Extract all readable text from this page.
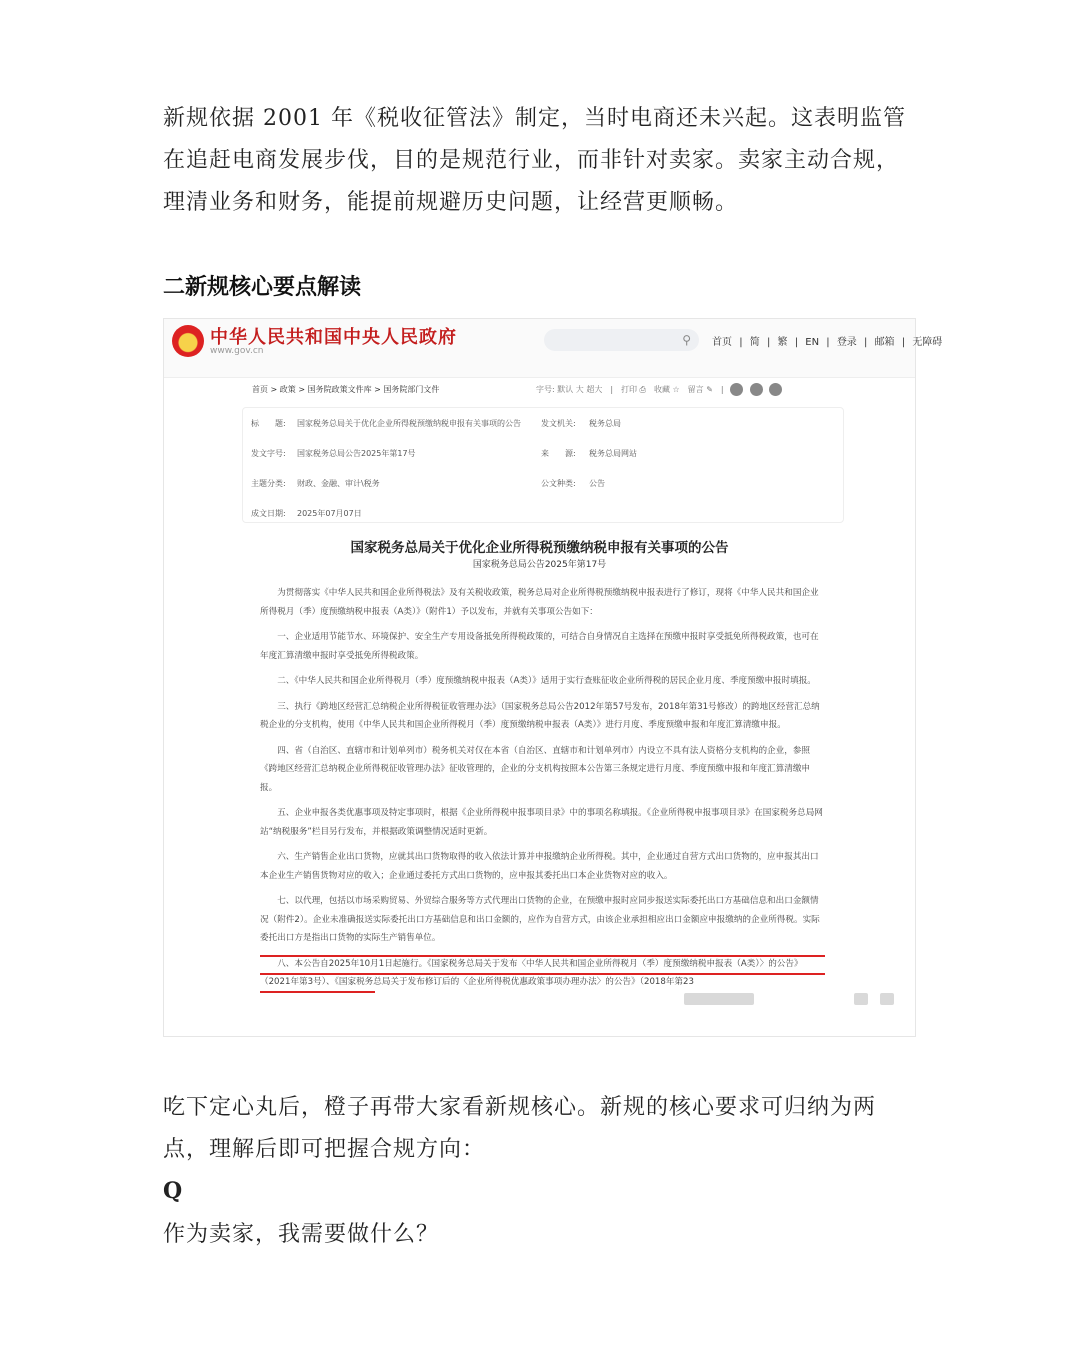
新规依据 2001 年《税收征管法》制定，当时电商还未兴起。这表明监管在追赶电商发展步伐，目的是规范行业，而非针对卖家。卖家主动合规，理清业务和财务，能提前规避历史问题，让经营更顺畅。

二新规核心要点解读

中华人民共和国中央人民政府
www.gov.cn
⚲ 首页 | 简 | 繁 | EN | 登录 | 邮箱 | 无障碍
首页 > 政策 > 国务院政策文件库 > 国务院部门文件	字号: 默认 大 超大　|　打印 ⎙　收藏 ☆　留言 ✎　|
标　　题: 国家税务总局关于优化企业所得税预缴纳税申报有关事项的公告	发文机关: 税务总局
发文字号: 国家税务总局公告2025年第17号	来　　源: 税务总局网站
主题分类: 财政、金融、审计\税务	公文种类: 公告
成文日期: 2025年07月07日
国家税务总局关于优化企业所得税预缴纳税申报有关事项的公告
国家税务总局公告2025年第17号

为贯彻落实《中华人民共和国企业所得税法》及有关税收政策，税务总局对企业所得税预缴纳税申报表进行了修订，现将《中华人民共和国企业所得税月（季）度预缴纳税申报表（A类）》（附件1）予以发布，并就有关事项公告如下：

一、企业适用节能节水、环境保护、安全生产专用设备抵免所得税政策的，可结合自身情况自主选择在预缴申报时享受抵免所得税政策，也可在年度汇算清缴申报时享受抵免所得税政策。

二、《中华人民共和国企业所得税月（季）度预缴纳税申报表（A类）》适用于实行查账征收企业所得税的居民企业月度、季度预缴申报时填报。

三、执行《跨地区经营汇总纳税企业所得税征收管理办法》（国家税务总局公告2012年第57号发布，2018年第31号修改）的跨地区经营汇总纳税企业的分支机构，使用《中华人民共和国企业所得税月（季）度预缴纳税申报表（A类）》进行月度、季度预缴申报和年度汇算清缴申报。

四、省（自治区、直辖市和计划单列市）税务机关对仅在本省（自治区、直辖市和计划单列市）内设立不具有法人资格分支机构的企业，参照《跨地区经营汇总纳税企业所得税征收管理办法》征收管理的，企业的分支机构按照本公告第三条规定进行月度、季度预缴申报和年度汇算清缴申报。

五、企业申报各类优惠事项及特定事项时，根据《企业所得税申报事项目录》中的事项名称填报。《企业所得税申报事项目录》在国家税务总局网站“纳税服务”栏目另行发布，并根据政策调整情况适时更新。

六、生产销售企业出口货物，应就其出口货物取得的收入依法计算并申报缴纳企业所得税。其中，企业通过自营方式出口货物的，应申报其出口本企业生产销售货物对应的收入；企业通过委托方式出口货物的，应申报其委托出口本企业货物对应的收入。

七、以代理，包括以市场采购贸易、外贸综合服务等方式代理出口货物的企业，在预缴申报时应同步报送实际委托出口方基础信息和出口金额情况（附件2）。企业未准确报送实际委托出口方基础信息和出口金额的，应作为自营方式，由该企业承担相应出口金额应申报缴纳的企业所得税。实际委托出口方是指出口货物的实际生产销售单位。

八、本公告自2025年10月1日起施行。《国家税务总局关于发布〈中华人民共和国企业所得税月（季）度预缴纳税申报表（A类）〉的公告》（2021年第3号）、《国家税务总局关于发布修订后的〈企业所得税优惠政策事项办理办法〉的公告》（2018年第23

吃下定心丸后，橙子再带大家看新规核心。新规的核心要求可归纳为两点，理解后即可把握合规方向：

Q

作为卖家，我需要做什么？
